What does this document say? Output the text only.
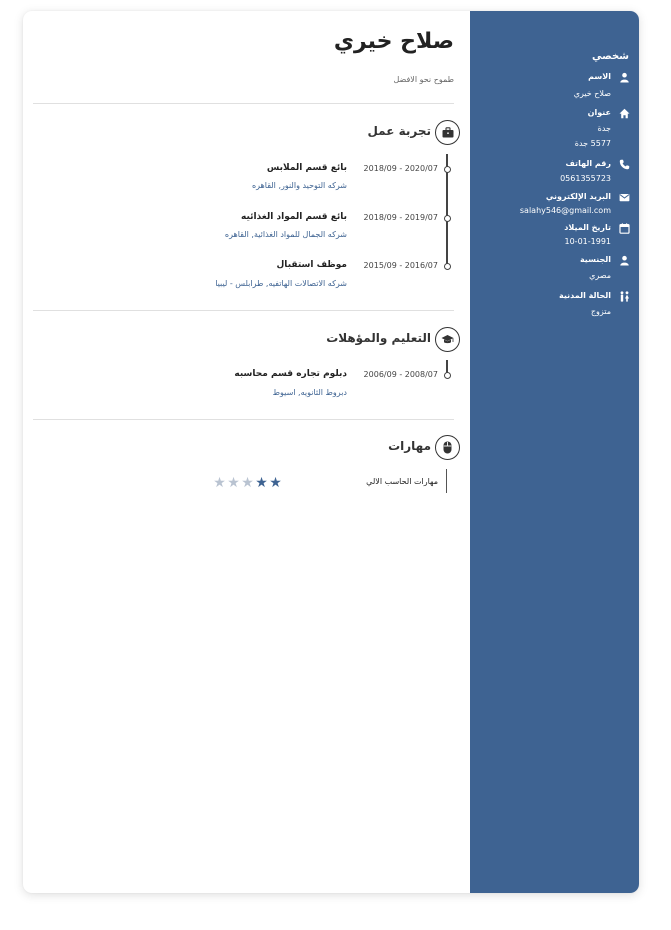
صلاح خيري
طموح نحو الافضل
تجربة عمل
2018/09 - 2020/07
بائع قسم الملابس
شركه التوحيد والنور, القاهره
2018/09 - 2019/07
بائع قسم المواد الغذائيه
شركه الجمال للمواد الغذائية, القاهره
2015/09 - 2016/07
موظف استقبال
شركه الاتصالات الهاتفيه, طرابلس - ليبيا
التعليم والمؤهلات
2006/09 - 2008/07
دبلوم تجاره قسم محاسبه
دبروط الثانويه, اسيوط
مهارات
مهارات الحاسب الالي
★★★★★
شخصي
الاسم
صلاح خيري
عنوان
جدة
5577 جدة
رقم الهاتف
0561355723
البريد الإلكتروني
salahy546@gmail.com
تاريخ الميلاد
10-01-1991
الجنسية
مصري
الحالة المدنية
متزوج
